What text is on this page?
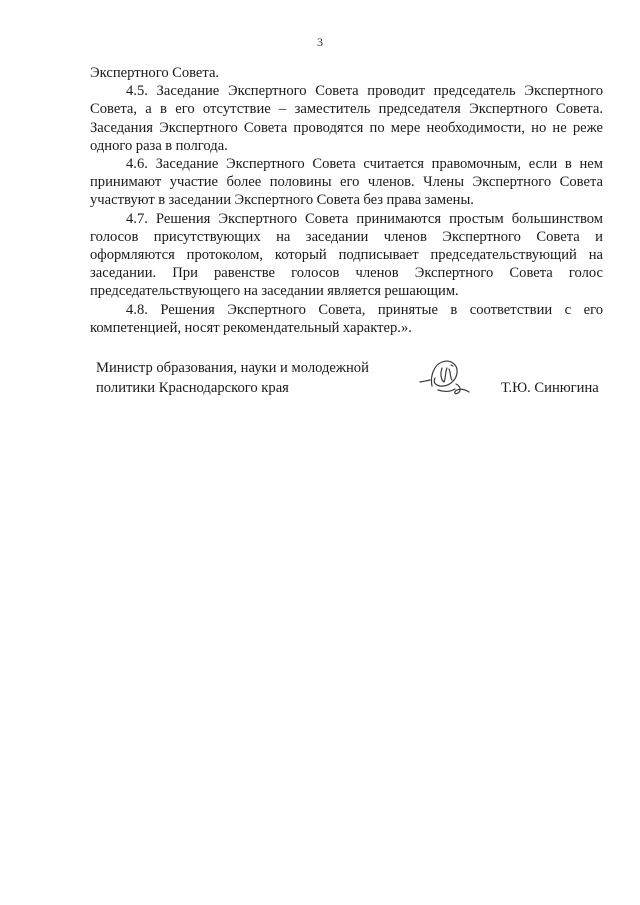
3

Экспертного Совета.

4.5. Заседание Экспертного Совета проводит председатель Экспертного Совета, а в его отсутствие – заместитель председателя Экспертного Совета. Заседания Экспертного Совета проводятся по мере необходимости, но не реже одного раза в полгода.

4.6. Заседание Экспертного Совета считается правомочным, если в нем принимают участие более половины его членов. Члены Экспертного Совета участвуют в заседании Экспертного Совета без права замены.

4.7. Решения Экспертного Совета принимаются простым большинством голосов присутствующих на заседании членов Экспертного Совета и оформляются протоколом, который подписывает председательствующий на заседании. При равенстве голосов членов Экспертного Совета голос председательствующего на заседании является решающим.

4.8. Решения Экспертного Совета, принятые в соответствии с его компетенцией, носят рекомендательный характер.».

Министр образования, науки и молодежной
политики Краснодарского края	Т.Ю. Синюгина
